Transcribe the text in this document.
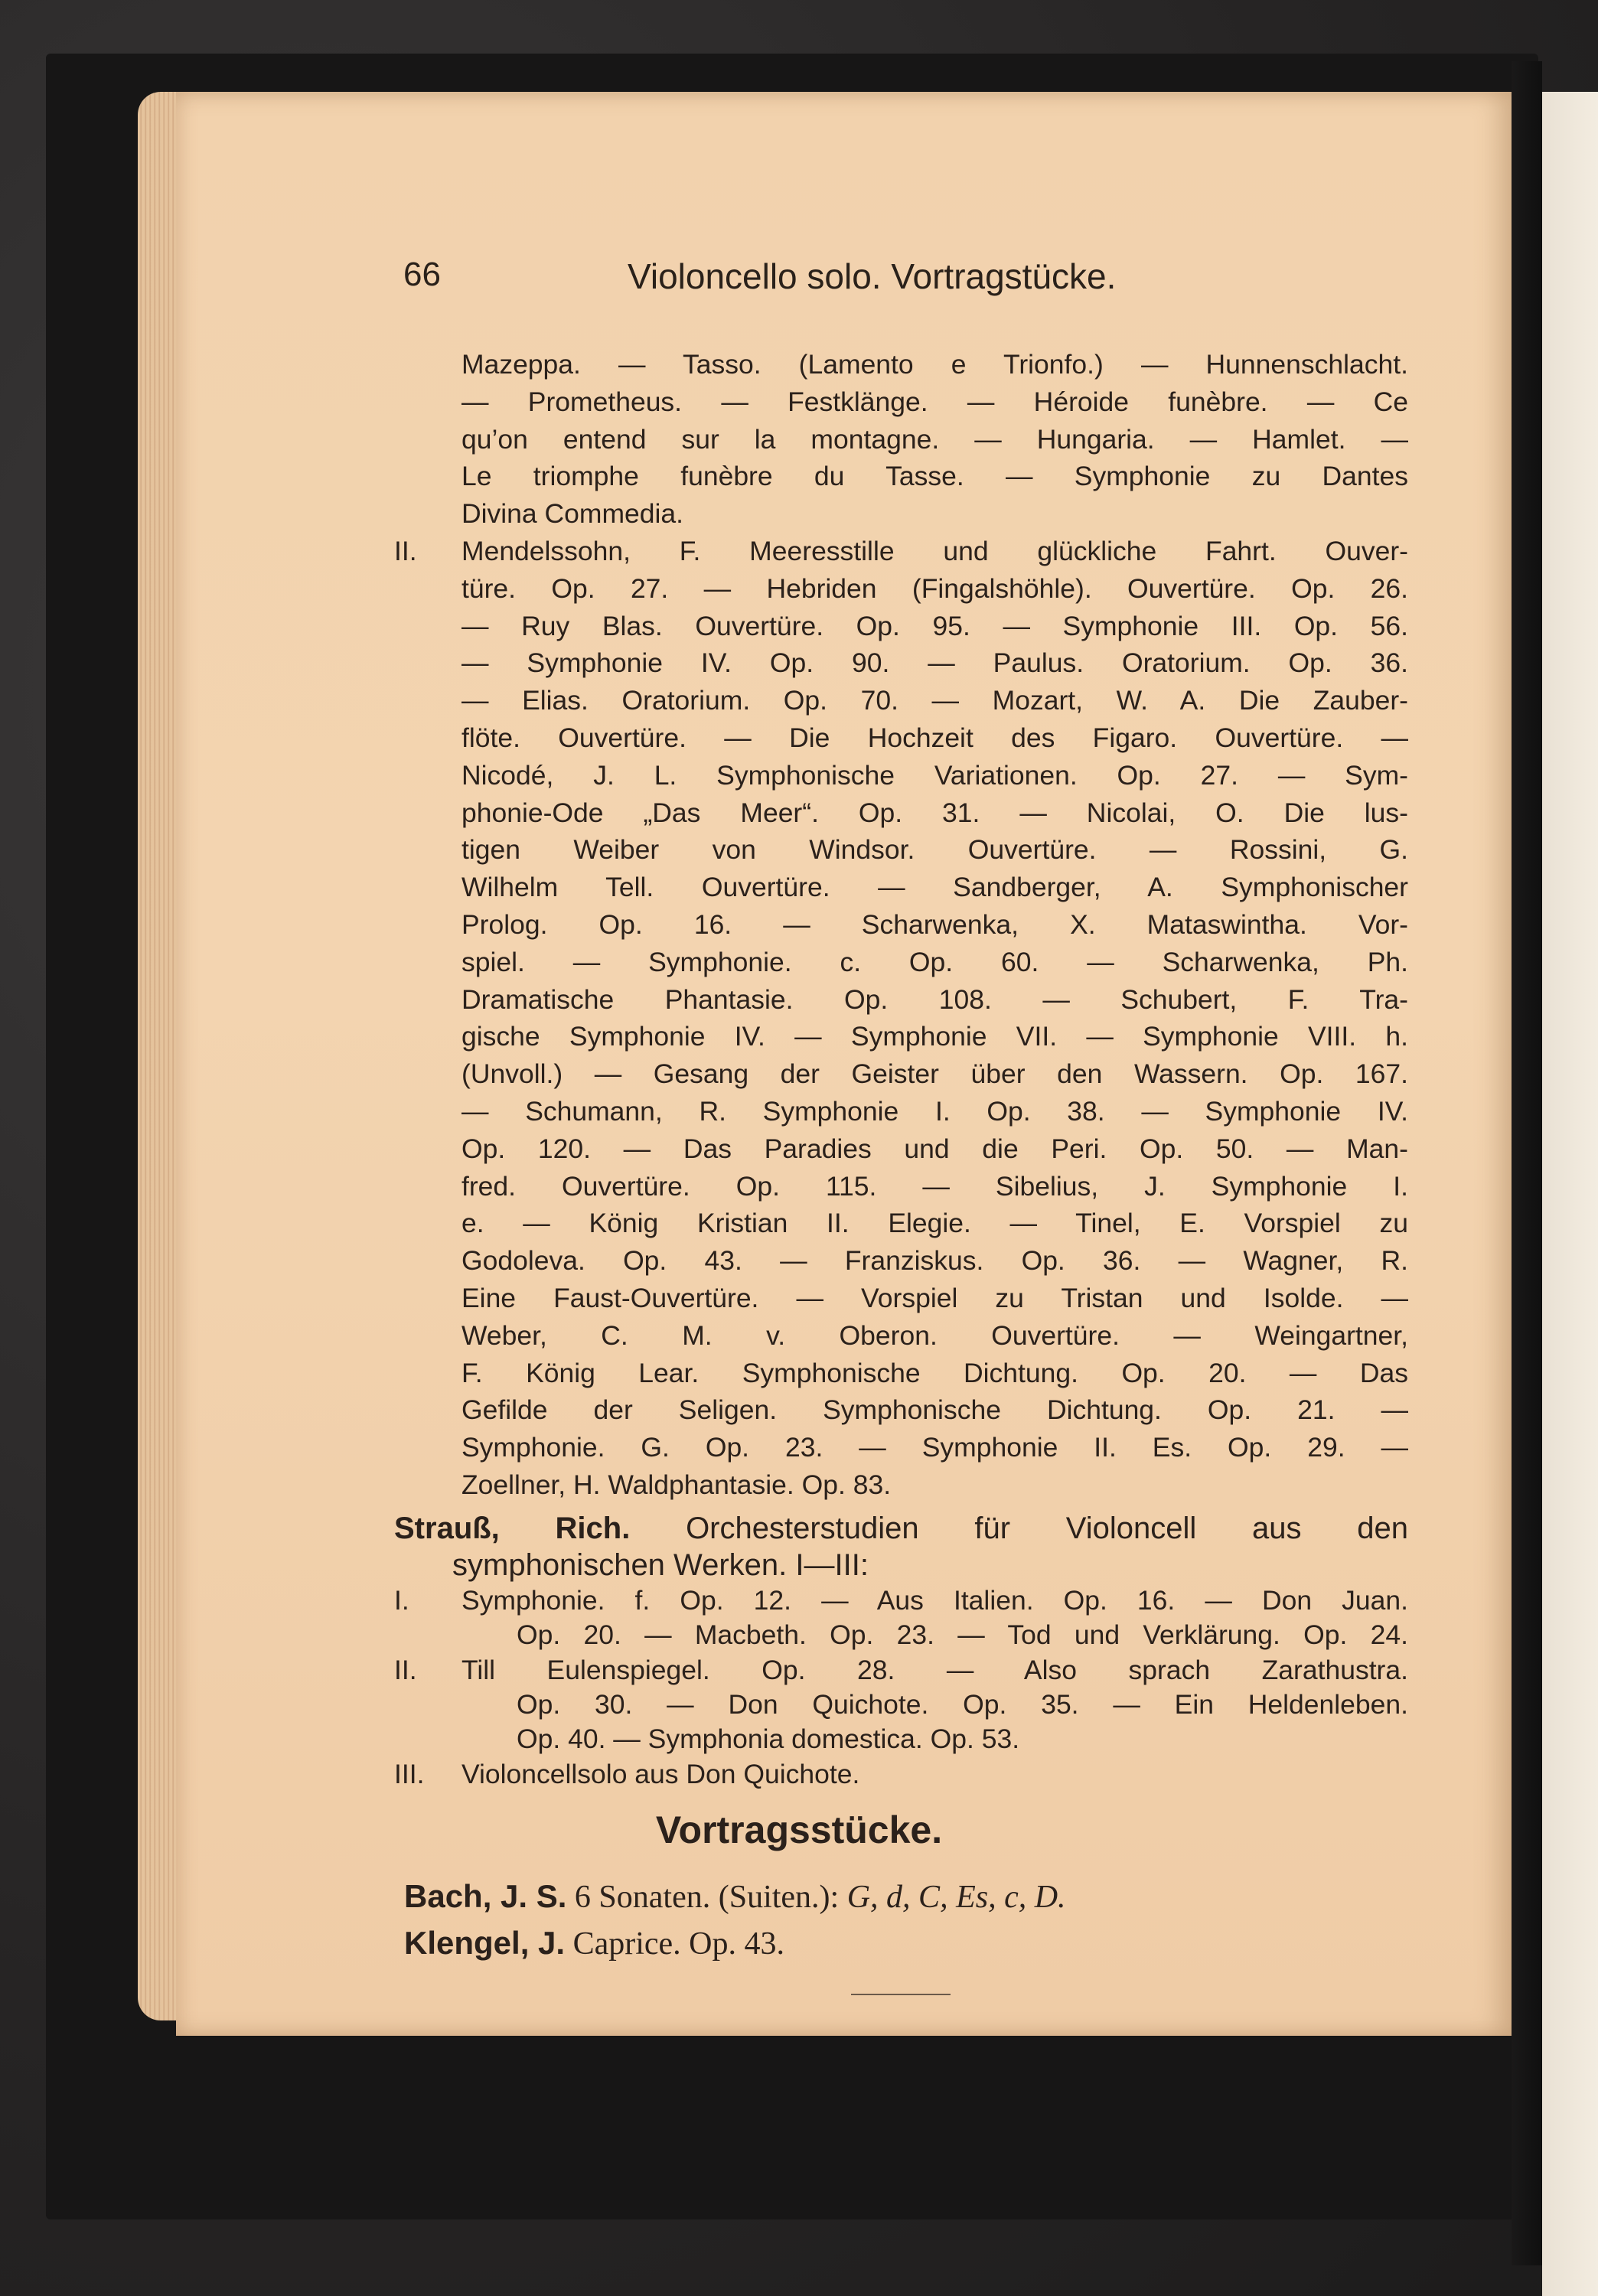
66	Violoncello solo. Vortragstücke.
Mazeppa. — Tasso. (Lamento e Trionfo.) — Hunnenschlacht.
— Prometheus. — Festklänge. — Héroide funèbre. — Ce
qu’on entend sur la montagne. — Hungaria. — Hamlet. —
Le triomphe funèbre du Tasse. — Symphonie zu Dantes
Divina Commedia.
II. Mendelssohn, F. Meeresstille und glückliche Fahrt. Ouver-
türe. Op. 27. — Hebriden (Fingalshöhle). Ouvertüre. Op. 26.
— Ruy Blas. Ouvertüre. Op. 95. — Symphonie III. Op. 56.
— Symphonie IV. Op. 90. — Paulus. Oratorium. Op. 36.
— Elias. Oratorium. Op. 70. — Mozart, W. A. Die Zauber-
flöte. Ouvertüre. — Die Hochzeit des Figaro. Ouvertüre. —
Nicodé, J. L. Symphonische Variationen. Op. 27. — Sym-
phonie-Ode „Das Meer“. Op. 31. — Nicolai, O. Die lus-
tigen Weiber von Windsor. Ouvertüre. — Rossini, G.
Wilhelm Tell. Ouvertüre. — Sandberger, A. Symphonischer
Prolog. Op. 16. — Scharwenka, X. Mataswintha. Vor-
spiel. — Symphonie. c. Op. 60. — Scharwenka, Ph.
Dramatische Phantasie. Op. 108. — Schubert, F. Tra-
gische Symphonie IV. — Symphonie VII. — Symphonie VIII. h.
(Unvoll.) — Gesang der Geister über den Wassern. Op. 167.
— Schumann, R. Symphonie I. Op. 38. — Symphonie IV.
Op. 120. — Das Paradies und die Peri. Op. 50. — Man-
fred. Ouvertüre. Op. 115. — Sibelius, J. Symphonie I.
e. — König Kristian II. Elegie. — Tinel, E. Vorspiel zu
Godoleva. Op. 43. — Franziskus. Op. 36. — Wagner, R.
Eine Faust-Ouvertüre. — Vorspiel zu Tristan und Isolde. —
Weber, C. M. v. Oberon. Ouvertüre. — Weingartner,
F. König Lear. Symphonische Dichtung. Op. 20. — Das
Gefilde der Seligen. Symphonische Dichtung. Op. 21. —
Symphonie. G. Op. 23. — Symphonie II. Es. Op. 29. —
Zoellner, H. Waldphantasie. Op. 83.
Strauß, Rich. Orchesterstudien für Violoncell aus den
symphonischen Werken. I—III:
I. Symphonie. f. Op. 12. — Aus Italien. Op. 16. — Don Juan.
Op. 20. — Macbeth. Op. 23. — Tod und Verklärung. Op. 24.
II. Till Eulenspiegel. Op. 28. — Also sprach Zarathustra.
Op. 30. — Don Quichote. Op. 35. — Ein Heldenleben.
Op. 40. — Symphonia domestica. Op. 53.
III. Violoncellsolo aus Don Quichote.
Vortragsstücke.
Bach, J. S. 6 Sonaten. (Suiten.): G, d, C, Es, c, D.
Klengel, J. Caprice. Op. 43.
